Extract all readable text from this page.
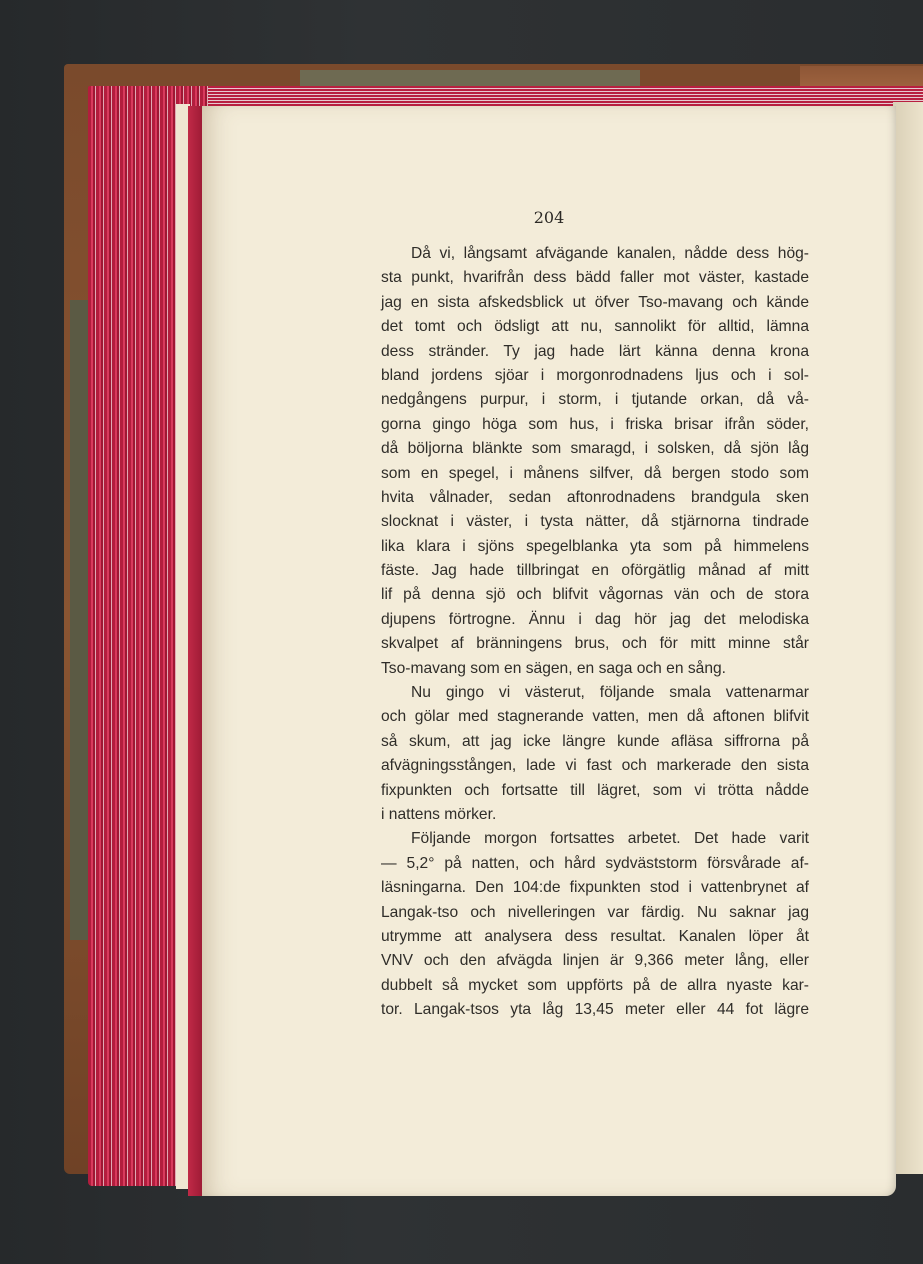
204
Då vi, långsamt afvägande kanalen, nådde dess hög-
sta punkt, hvarifrån dess bädd faller mot väster, kastade
jag en sista afskedsblick ut öfver Tso-mavang och kände
det tomt och ödsligt att nu, sannolikt för alltid, lämna
dess stränder. Ty jag hade lärt känna denna krona
bland jordens sjöar i morgonrodnadens ljus och i sol-
nedgångens purpur, i storm, i tjutande orkan, då vå-
gorna gingo höga som hus, i friska brisar ifrån söder,
då böljorna blänkte som smaragd, i solsken, då sjön låg
som en spegel, i månens silfver, då bergen stodo som
hvita vålnader, sedan aftonrodnadens brandgula sken
slocknat i väster, i tysta nätter, då stjärnorna tindrade
lika klara i sjöns spegelblanka yta som på himmelens
fäste. Jag hade tillbringat en oförgätlig månad af mitt
lif på denna sjö och blifvit vågornas vän och de stora
djupens förtrogne. Ännu i dag hör jag det melodiska
skvalpet af bränningens brus, och för mitt minne står
Tso-mavang som en sägen, en saga och en sång.
Nu gingo vi västerut, följande smala vattenarmar
och gölar med stagnerande vatten, men då aftonen blifvit
så skum, att jag icke längre kunde afläsa siffrorna på
afvägningsstången, lade vi fast och markerade den sista
fixpunkten och fortsatte till lägret, som vi trötta nådde
i nattens mörker.
Följande morgon fortsattes arbetet. Det hade varit
— 5,2° på natten, och hård sydväststorm försvårade af-
läsningarna. Den 104:de fixpunkten stod i vattenbrynet af
Langak-tso och nivelleringen var färdig. Nu saknar jag
utrymme att analysera dess resultat. Kanalen löper åt
VNV och den afvägda linjen är 9,366 meter lång, eller
dubbelt så mycket som uppförts på de allra nyaste kar-
tor. Langak-tsos yta låg 13,45 meter eller 44 fot lägre
